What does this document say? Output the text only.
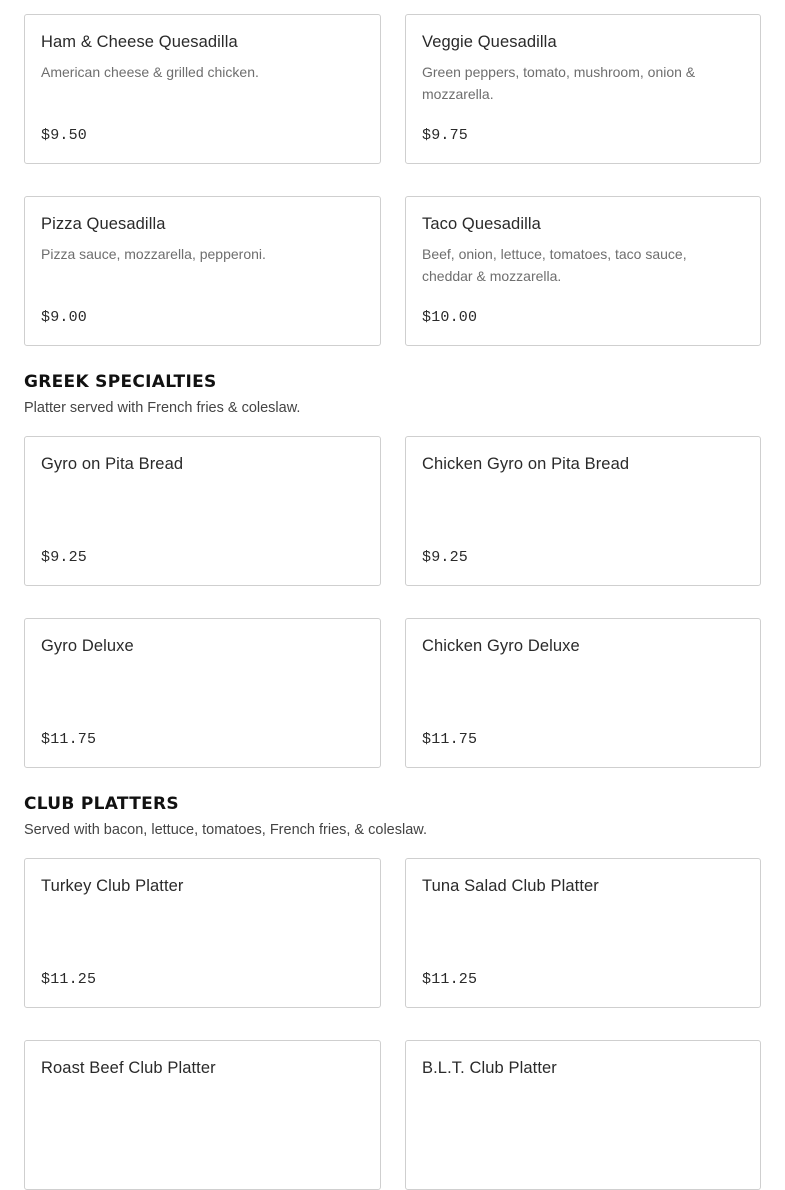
Ham & Cheese Quesadilla
American cheese & grilled chicken.
$9.50
Veggie Quesadilla
Green peppers, tomato, mushroom, onion & mozzarella.
$9.75
Pizza Quesadilla
Pizza sauce, mozzarella, pepperoni.
$9.00
Taco Quesadilla
Beef, onion, lettuce, tomatoes, taco sauce, cheddar & mozzarella.
$10.00
GREEK SPECIALTIES

Platter served with French fries & coleslaw.

Gyro on Pita Bread
$9.25
Chicken Gyro on Pita Bread
$9.25
Gyro Deluxe
$11.75
Chicken Gyro Deluxe
$11.75
CLUB PLATTERS

Served with bacon, lettuce, tomatoes, French fries, & coleslaw.

Turkey Club Platter
$11.25
Tuna Salad Club Platter
$11.25
Roast Beef Club Platter	B.L.T. Club Platter
